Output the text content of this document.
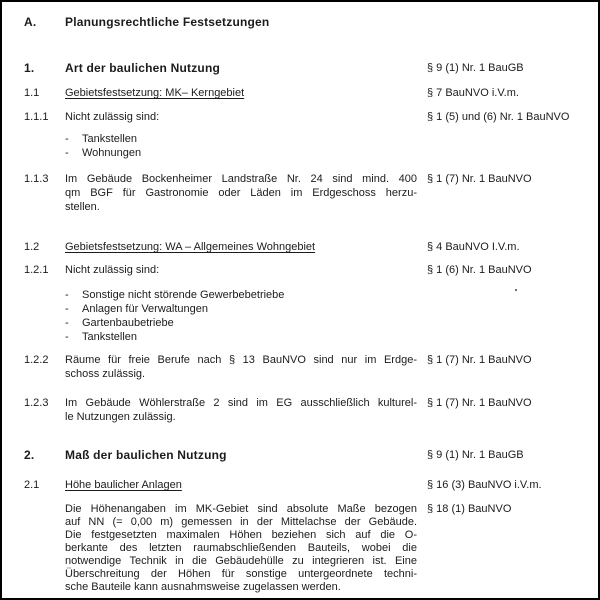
A.	Planungsrechtliche Festsetzungen
1.	Art der baulichen Nutzung	§ 9 (1) Nr. 1 BauGB
1.1	Gebietsfestsetzung: MK– Kerngebiet	§ 7 BauNVO i.V.m.
1.1.1	Nicht zulässig sind:	§ 1 (5) und (6) Nr. 1 BauNVO
-	Tankstellen
-	Wohnungen
1.1.3	Im Gebäude Bockenheimer Landstraße Nr. 24 sind mind. 400
qm BGF für Gastronomie oder Läden im Erdgeschoss herzu-
stellen.
§ 1 (7) Nr. 1 BauNVO
1.2	Gebietsfestsetzung: WA – Allgemeines Wohngebiet	§ 4 BauNVO I.V.m.
1.2.1	Nicht zulässig sind:	§ 1 (6) Nr. 1 BauNVO
-	Sonstige nicht störende Gewerbebetriebe
-	Anlagen für Verwaltungen
-	Gartenbaubetriebe
-	Tankstellen
1.2.2	Räume für freie Berufe nach § 13 BauNVO sind nur im Erdge-
schoss zulässig.
§ 1 (7) Nr. 1 BauNVO
1.2.3	Im Gebäude Wöhlerstraße 2 sind im EG ausschließlich kulturel-
le Nutzungen zulässig.
§ 1 (7) Nr. 1 BauNVO
2.	Maß der baulichen Nutzung	§ 9 (1) Nr. 1 BauGB
2.1	Höhe baulicher Anlagen	§ 16 (3) BauNVO i.V.m.
Die Höhenangaben im MK-Gebiet sind absolute Maße bezogen
auf NN (= 0,00 m) gemessen in der Mittelachse der Gebäude.
Die festgesetzten maximalen Höhen beziehen sich auf die O-
berkante des letzten raumabschließenden Bauteils, wobei die
notwendige Technik in die Gebäudehülle zu integrieren ist. Eine
Überschreitung der Höhen für sonstige untergeordnete techni-
sche Bauteile kann ausnahmsweise zugelassen werden.
§ 18 (1) BauNVO
